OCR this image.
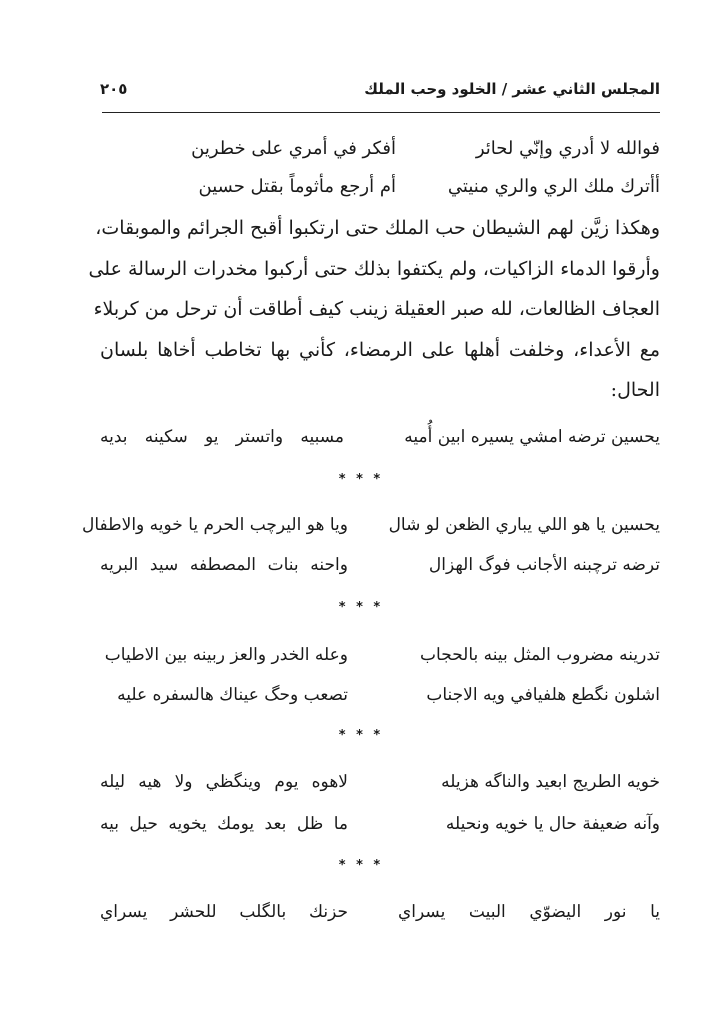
المجلس الثاني عشر / الخلود وحب الملك
٢٠٥
فوالله لا أدري وإنّي لحائر
أفكر في أمري على خطرين
أأترك ملك الري والري منيتي
أم أرجع مأثوماً بقتل حسين
وهكذا زيَّن لهم الشيطان حب الملك حتى ارتكبوا أقبح الجرائم والموبقات،
وأرقوا الدماء الزاكيات، ولم يكتفوا بذلك حتى أركبوا مخدرات الرسالة على
العجاف الظالعات، لله صبر العقيلة زينب كيف أطاقت أن ترحل من كربلاء
مع الأعداء، وخلفت أهلها على الرمضاء، كأني بها تخاطب أخاها بلسان
الحال:
يحسين ترضه امشي يسيره ابين أُميه
مسبيه واتستر يو سكينه بديه
* * *
يحسين يا هو اللي يباري الظعن لو شال
ويا هو اليرچب الحرم يا خويه والاطفال
ترضه ترچبنه الأجانب فوگ الهزال
واحنه بنات المصطفه سيد البريه
* * *
تدرينه مضروب المثل بينه بالحجاب
وعله الخدر والعز ربينه بين الاطياب
اشلون نگطع هلفيافي ويه الاجناب
تصعب وحگ عيناك هالسفره عليه
* * *
خويه الطريج ابعيد والناگه هزيله
لاهوه يوم وينگظي ولا هيه ليله
وآنه ضعيفة حال يا خويه ونحيله
ما ظل بعد يومك يخويه حيل بيه
* * *
يا نور اليضوّي البيت يسراي
حزنك بالگلب للحشر يسراي
